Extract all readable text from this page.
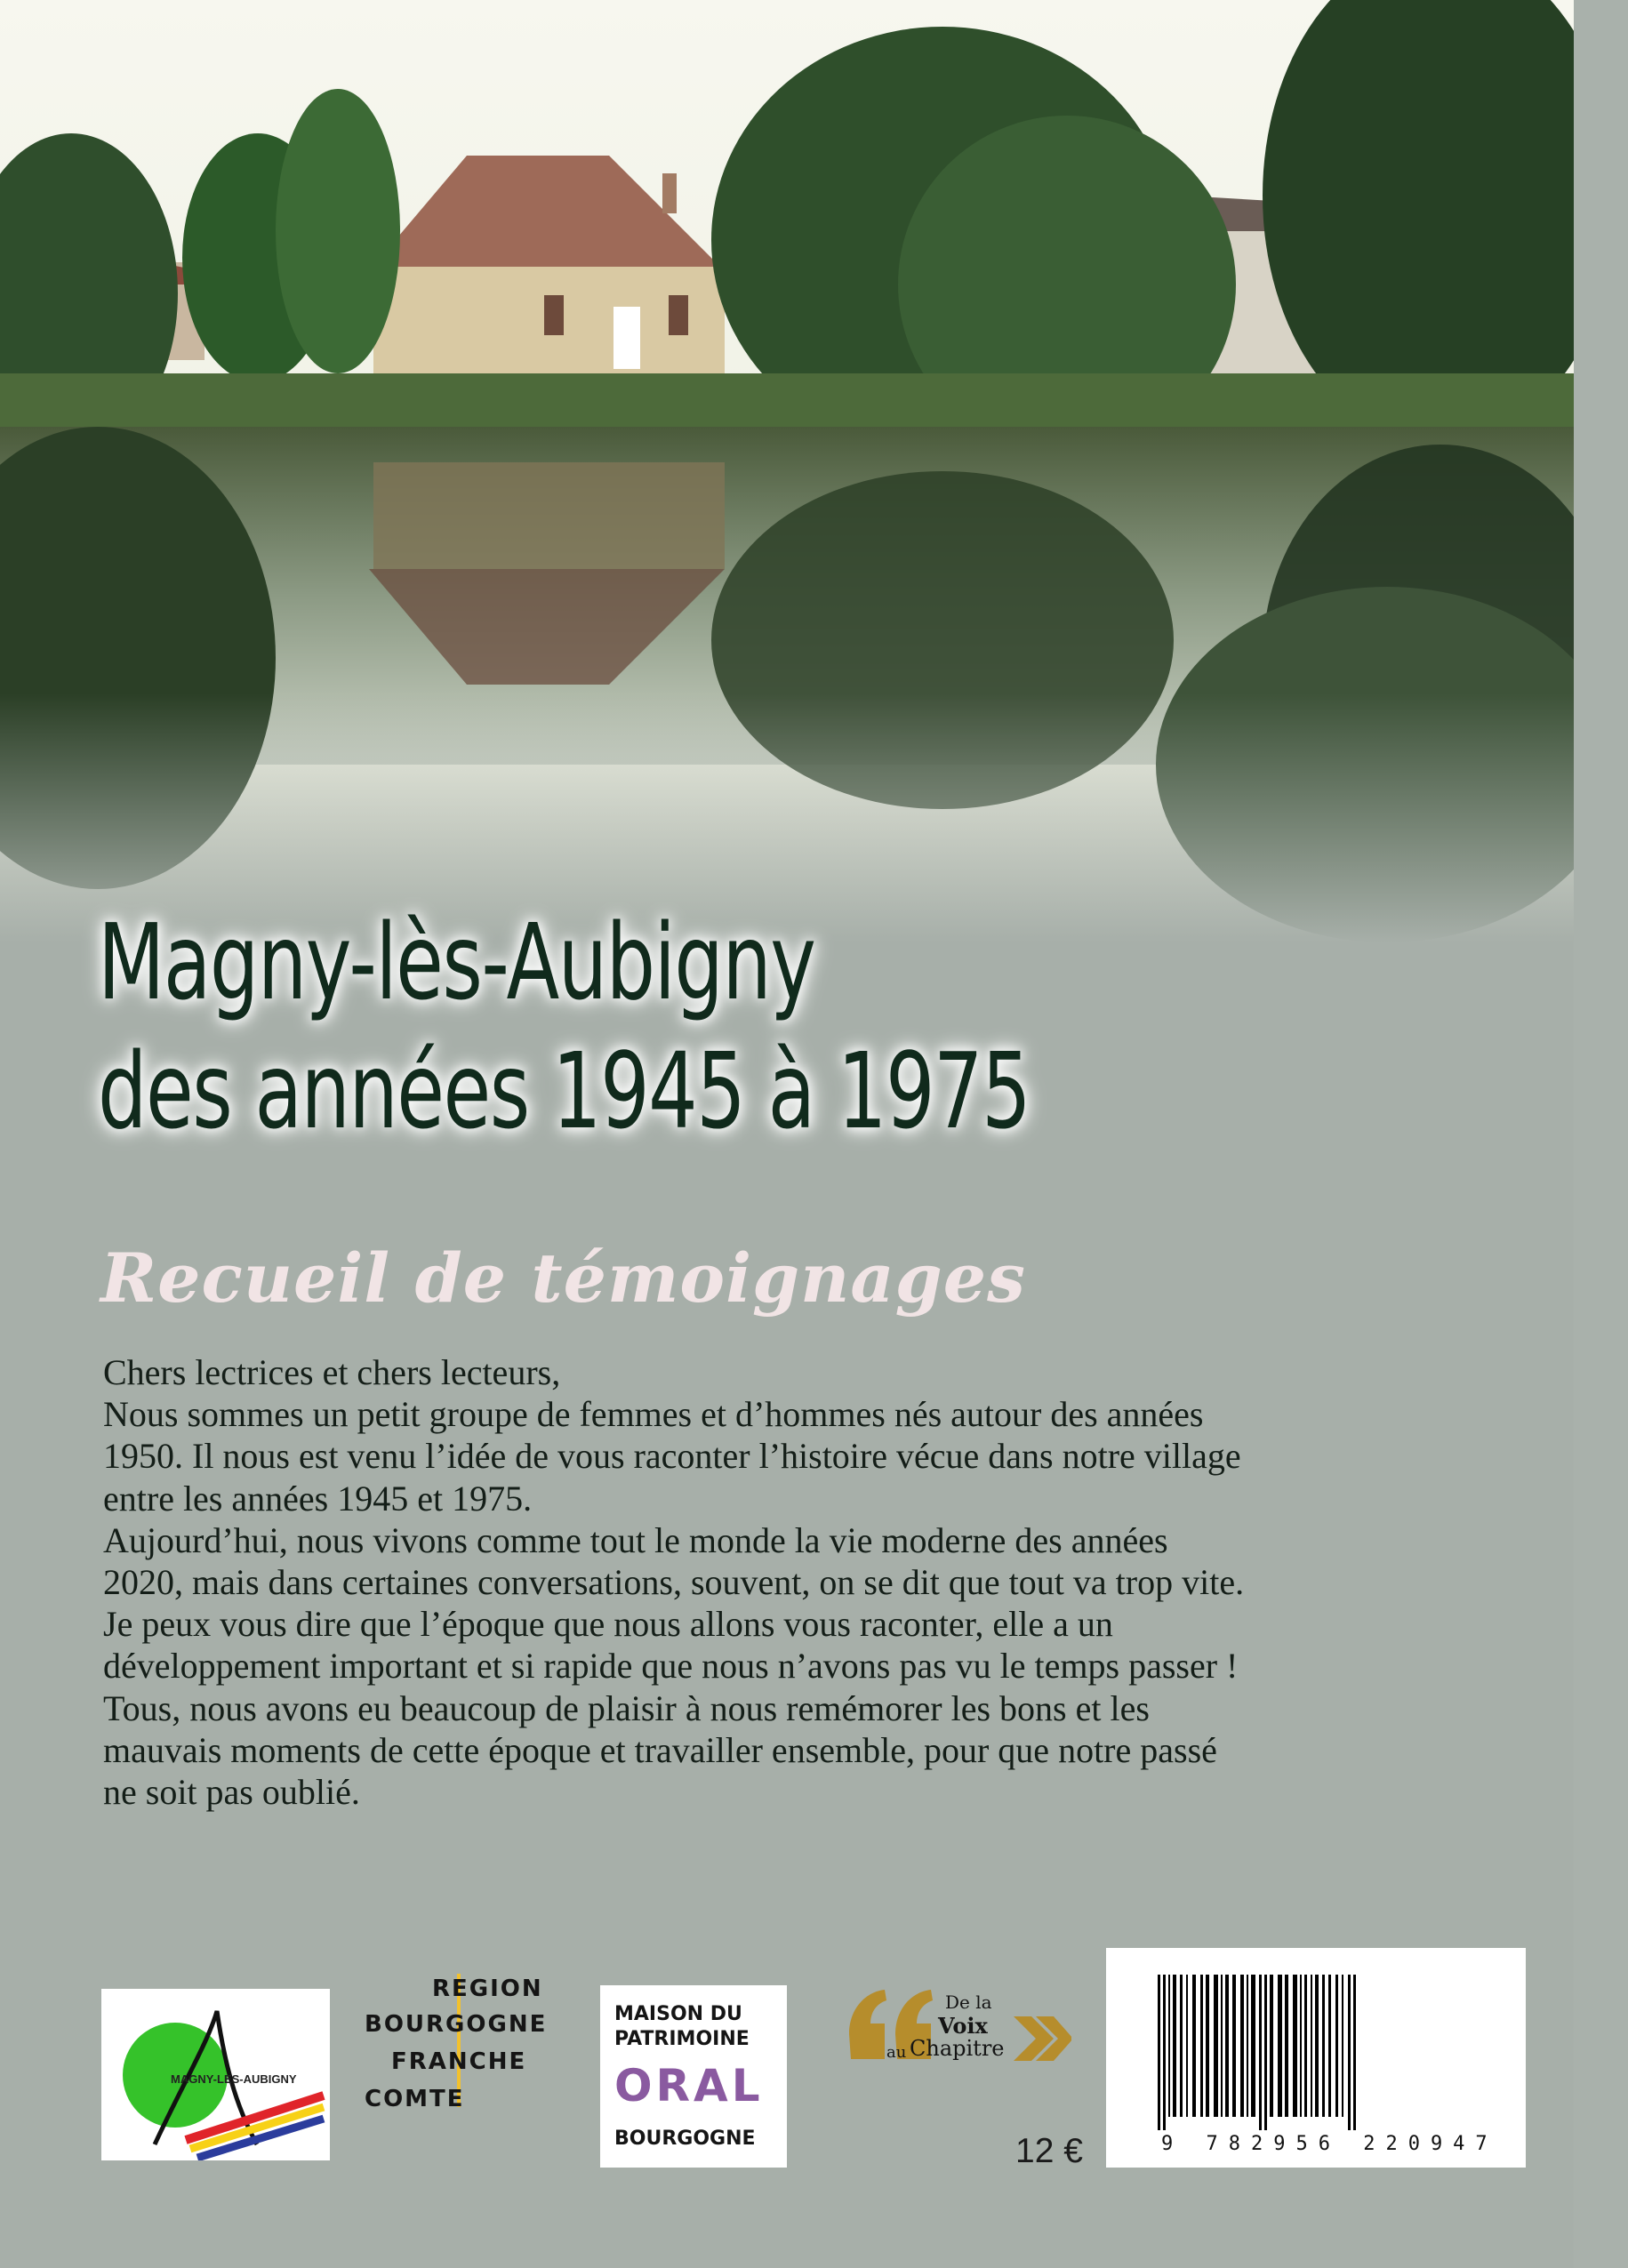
Magny-lès-Aubigny
des années 1945 à 1975

Recueil de témoignages

Chers lectrices et chers lecteurs,

Nous sommes un petit groupe de femmes et d’hommes nés autour des années

1950. Il nous est venu l’idée de vous raconter l’histoire vécue dans notre village

entre les années 1945 et 1975.

Aujourd’hui, nous vivons comme tout le monde la vie moderne des années

2020, mais dans certaines conversations, souvent, on se dit que tout va trop vite.

Je peux vous dire que l’époque que nous allons vous raconter, elle a un

développement important et si rapide que nous n’avons pas vu le temps passer !

Tous, nous avons eu beaucoup de plaisir à nous remémorer les bons et les

mauvais moments de cette époque et travailler ensemble, pour que notre passé

ne soit pas oublié.

MAGNY-LES-AUBIGNY

REGION

BOURGOGNE

FRANCHE

COMTE

MAISON DU

PATRIMOINE

ORAL

BOURGOGNE

De la

Voix

au Chapitre

12 €	9 782956 220947
